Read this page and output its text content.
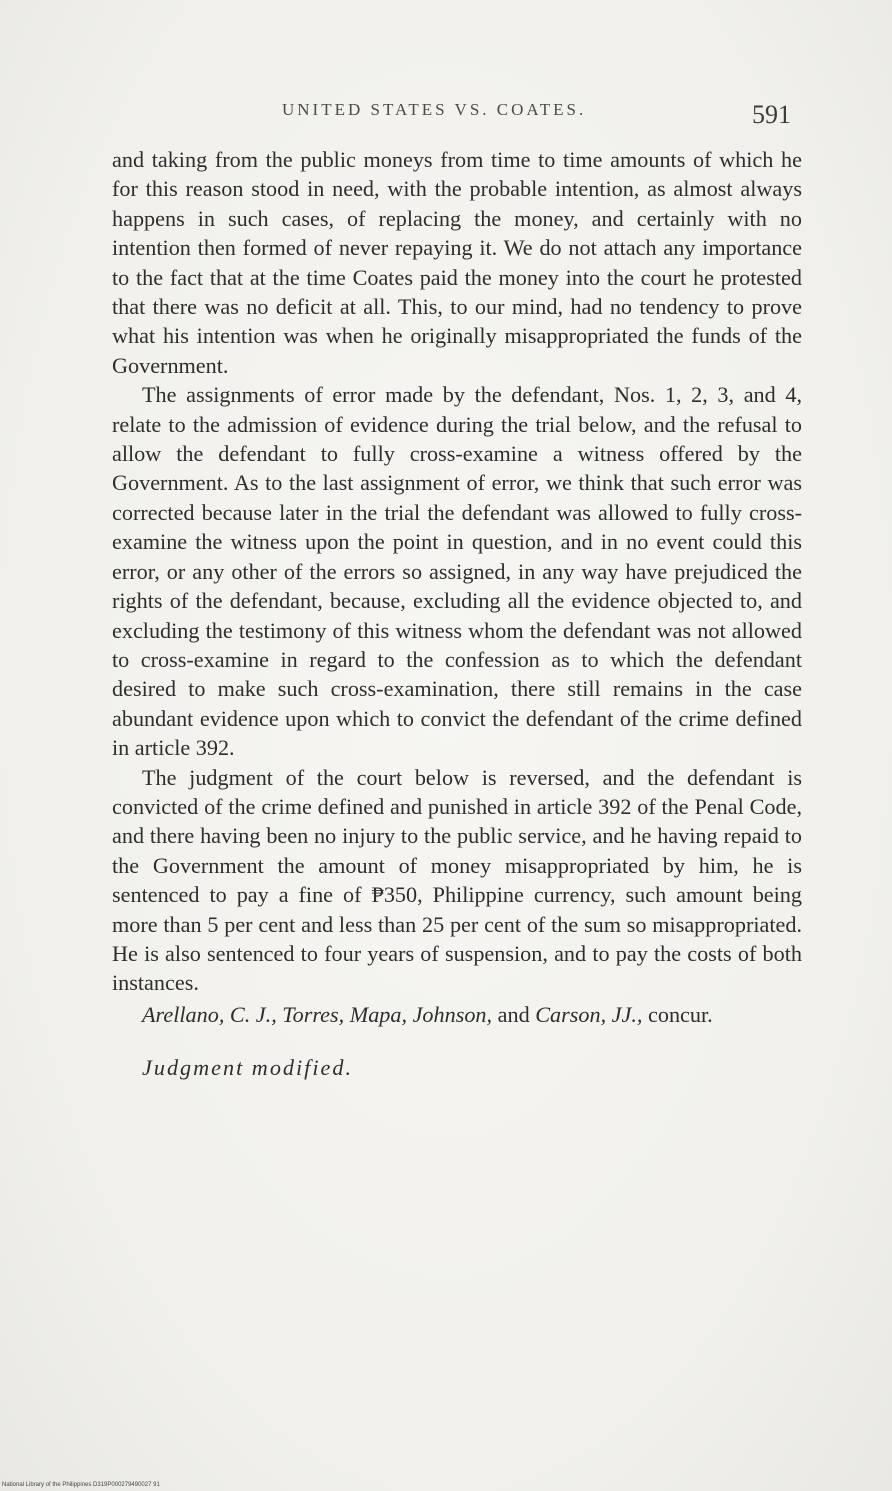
UNITED STATES VS. COATES.	591

and taking from the public moneys from time to time amounts of which he for this reason stood in need, with the probable intention, as almost always happens in such cases, of replacing the money, and certainly with no intention then formed of never repaying it. We do not attach any importance to the fact that at the time Coates paid the money into the court he protested that there was no deficit at all. This, to our mind, had no tendency to prove what his intention was when he originally misappropriated the funds of the Government.

The assignments of error made by the defendant, Nos. 1, 2, 3, and 4, relate to the admission of evidence during the trial below, and the refusal to allow the defendant to fully cross-examine a witness offered by the Government. As to the last assignment of error, we think that such error was corrected because later in the trial the defendant was allowed to fully cross-examine the witness upon the point in question, and in no event could this error, or any other of the errors so assigned, in any way have prejudiced the rights of the defendant, because, excluding all the evidence objected to, and excluding the testimony of this witness whom the defendant was not allowed to cross-examine in regard to the confession as to which the defendant desired to make such cross-examination, there still remains in the case abundant evidence upon which to convict the defendant of the crime defined in article 392.

The judgment of the court below is reversed, and the defendant is convicted of the crime defined and punished in article 392 of the Penal Code, and there having been no injury to the public service, and he having repaid to the Government the amount of money misappropriated by him, he is sentenced to pay a fine of ₱350, Philippine currency, such amount being more than 5 per cent and less than 25 per cent of the sum so misappropriated. He is also sentenced to four years of suspension, and to pay the costs of both instances.

Arellano, C. J., Torres, Mapa, Johnson, and Carson, JJ., concur.

Judgment modified.

National Library of the Philippines D319P000279490027 91
